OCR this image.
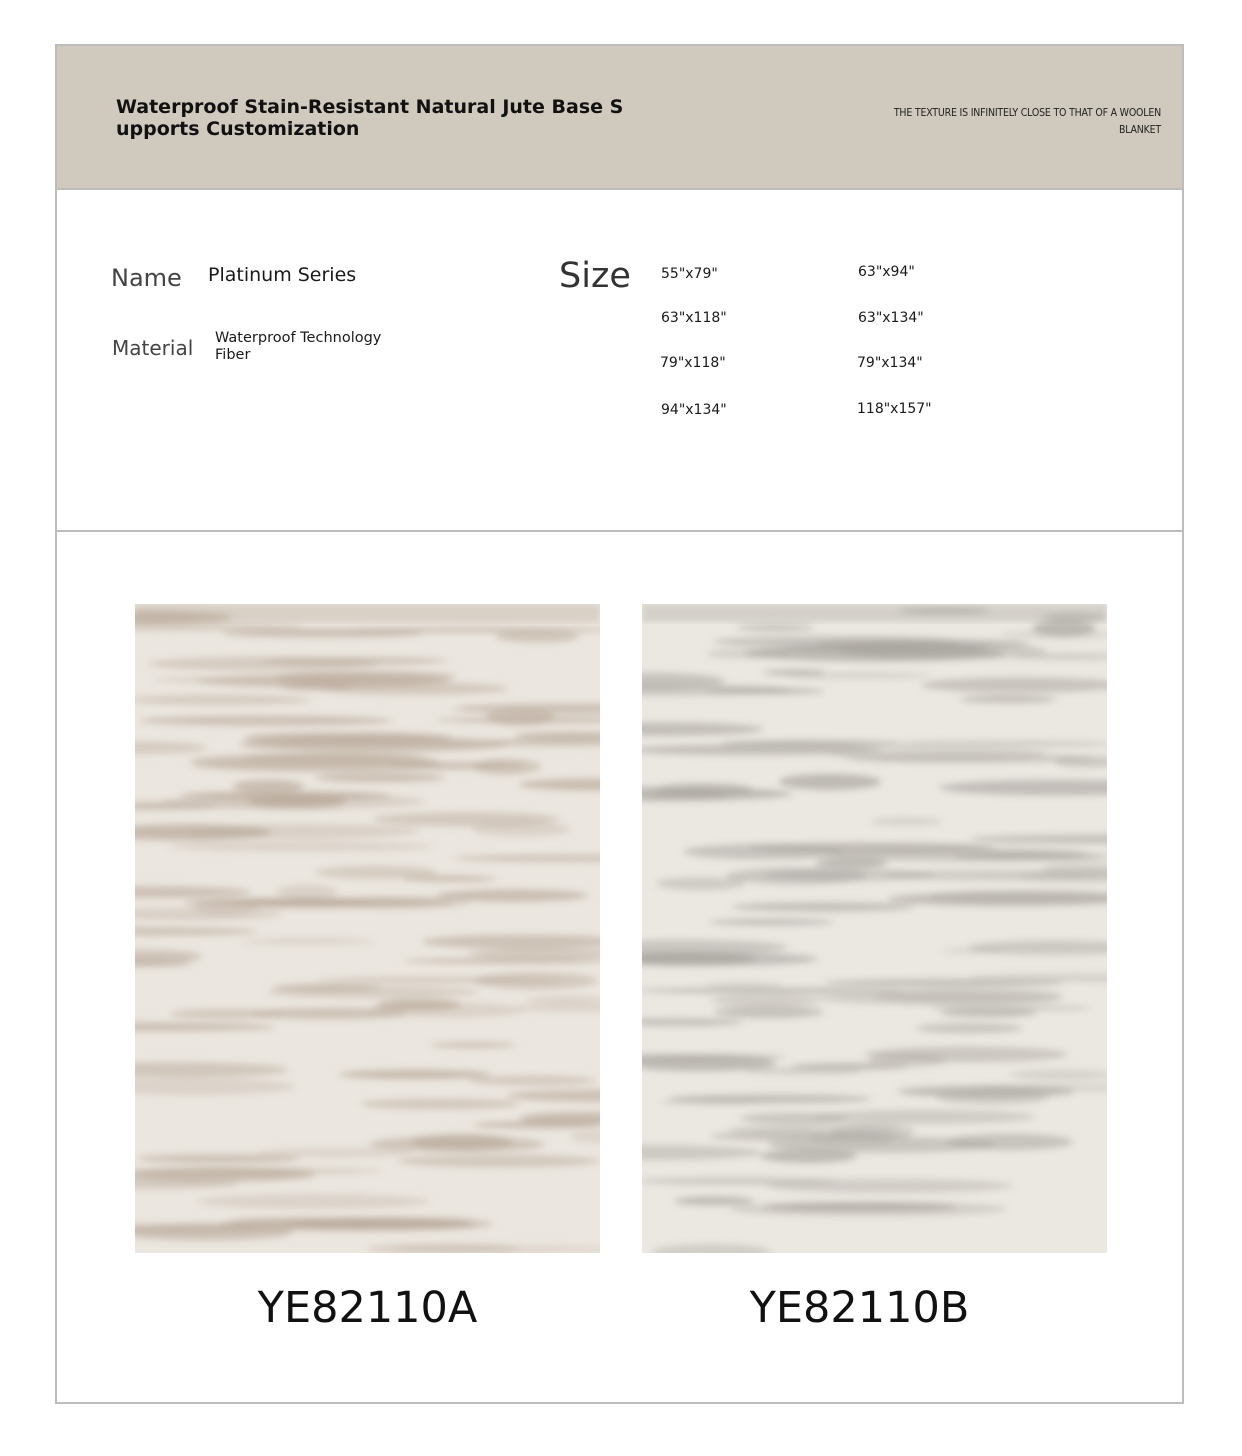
Waterproof Stain-Resistant Natural Jute Base Supports Customization
THE TEXTURE IS INFINITELY CLOSE TO THAT OF A WOOLEN BLANKET
Name Platinum Series
Material Waterproof Technology Fiber
Size 55"x79"	63"x94"
63"x118"	63"x134"
79"x118"	79"x134"
94"x134"	118"x157"
YE82110A	YE82110B
